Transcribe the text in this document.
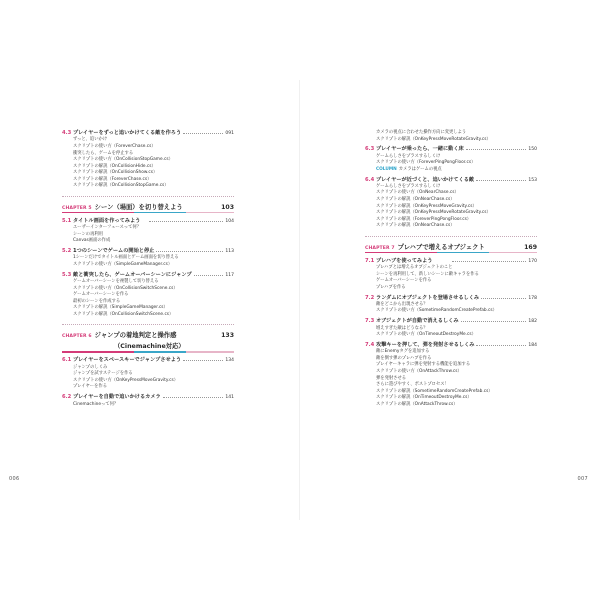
4.3 プレイヤーをずっと追いかけてくる敵を作ろう	091
ずっと、追いかけ
スクリプトの使い方（ForeverChase.cs）
衝突したら、ゲームを停止する
スクリプトの使い方（OnCollisionStopGame.cs）
スクリプトの解説（OnCollisionHide.cs）
スクリプトの解説（OnCollisionShow.cs）
スクリプトの解説（ForeverChase.cs）
スクリプトの解説（OnCollisionStopGame.cs）
CHAPTER 5 シーン（場面）を切り替えよう	103
5.1 タイトル画面を作ってみよう	104
ユーザーインターフェースって何？
シーンの再利用
Canvas画面の作成
5.2 1つのシーンでゲームの開始と停止	113
1シーンだけでタイトル画面とゲーム画面を切り替える
スクリプトの使い方（SimpleGameManager.cs）
5.3 敵と衝突したら、ゲームオーバーシーンにジャンプ	117
ゲームオーバーシーンを複製して切り替える
スクリプトの使い方（OnCollisionSwitchScene.cs）
ゲームオーバーシーンを作る
最初のシーンを作成する
スクリプトの解説（SimpleGameManager.cs）
スクリプトの解説（OnCollisionSwitchScene.cs）
CHAPTER 6 ジャンプの着地判定と操作感	133
（Cinemachine対応）
6.1 プレイヤーをスペースキーでジャンプさせよう	134
ジャンプのしくみ
ジャンプを試すステージを作る
スクリプトの使い方（OnKeyPressMoveGravity.cs）
プレイヤーを作る
6.2 プレイヤーを自動で追いかけるカメラ	141
Cinemachineって何？
006
カメラの視点に合わせた操作方向に変更しよう
スクリプトの解説（OnKeyPressMoveRotateGravity.cs）
6.3 プレイヤーが乗ったら、一緒に動く床	150
ゲームらしさをプラスするしくけ
スクリプトの使い方（ForeverPingPongFloor.cs）
COLUMN カメラはゲームの視点
6.4 プレイヤーが近づくと、追いかけてくる敵	153
ゲームらしさをプラスするしくけ
スクリプトの使い方（OnNearChase.cs）
スクリプトの解説（OnNearChase.cs）
スクリプトの解説（OnKeyPressMoveGravity.cs）
スクリプトの解説（OnKeyPressMoveRotateGravity.cs）
スクリプトの解説（ForeverPingPongFloor.cs）
スクリプトの解説（OnNearChase.cs）
CHAPTER 7 プレハブで増えるオブジェクト	169
7.1 プレハブを使ってみよう	170
プレハブとは増えるオブジェクトのこと
シーンを再利用して、新しいシーンに敵キャラを作る
ゲームオーバーシーンを作る
プレハブを作る
7.2 ランダムにオブジェクトを登場させるしくみ	178
敵をどこから出現させる？
スクリプトの使い方（SometimeRandomCreatePrefab.cs）
7.3 オブジェクトが自動で消えるしくみ	182
増えすぎた敵はどうなる？
スクリプトの使い方（OnTimeoutDestroyMe.cs）
7.4 攻撃キーを押して、弾を発射させるしくみ	184
敵にEnemyタグを追加する
敵を倒す弾のプレハブを作る
プレイヤーキャラに弾を発射する機能を追加する
スクリプトの使い方（OnAttackThrow.cs）
弾を発射させる
さらに遊びやすく、ポストプロセス！
スクリプトの解説（SometimeRandomCreatePrefab.cs）
スクリプトの解説（OnTimeoutDestroyMe.cs）
スクリプトの解説（OnAttackThrow.cs）
007
